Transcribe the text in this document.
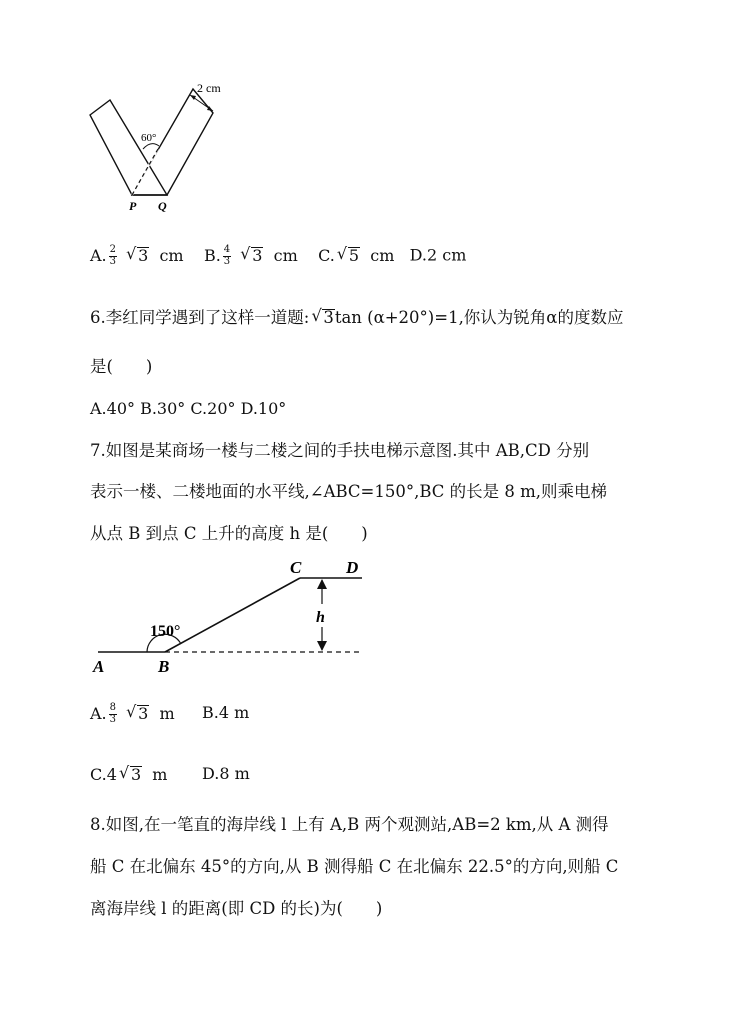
2 cm
60°
P Q
A. $\frac{2}{3}$ √ 3 cm B. $\frac{4}{3}$ √ 3 cm C. √ 5 cm D.2 cm
6.李红同学遇到了这样一道题: √ 3tan (α+20°)=1,你认为锐角α的度数应
是(　　)
A.40° B.30° C.20° D.10°
7.如图是某商场一楼与二楼之间的手扶电梯示意图.其中 AB,CD 分别
表示一楼、二楼地面的水平线,∠ABC=150°,BC 的长是 8 m,则乘电梯
从点 B 到点 C 上升的高度 h 是(　　)
A	B
C	D
h
150°
A. $\frac{8}{3}$ √ 3 m B.4 m
C.4 √ 3 m D.8 m
8.如图,在一笔直的海岸线 l 上有 A,B 两个观测站,AB=2 km,从 A 测得
船 C 在北偏东 45°的方向,从 B 测得船 C 在北偏东 22.5°的方向,则船 C
离海岸线 l 的距离(即 CD 的长)为(　　)
